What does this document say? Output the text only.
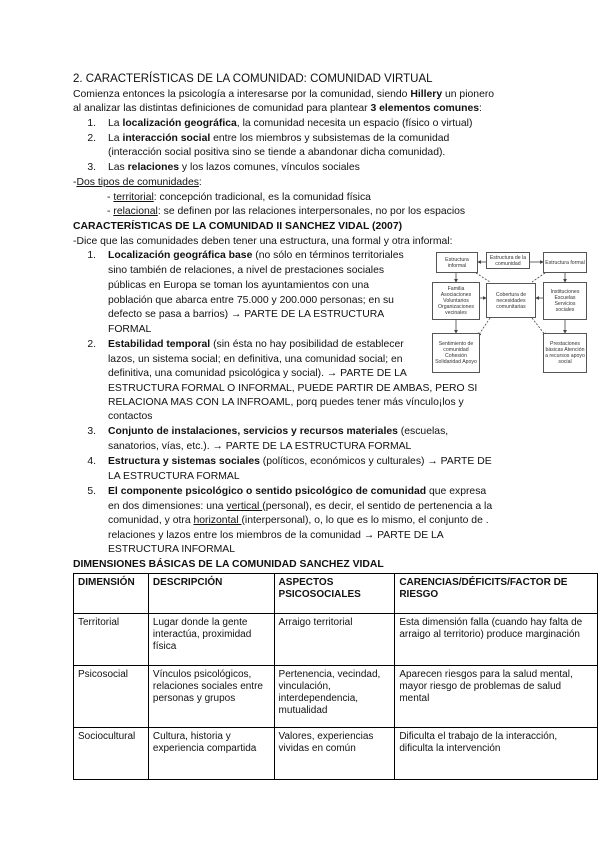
2. CARACTERÍSTICAS DE LA COMUNIDAD: COMUNIDAD VIRTUAL
Comienza entonces la psicología a interesarse por la comunidad, siendo Hillery un pionero
al analizar las distintas definiciones de comunidad para plantear 3 elementos comunes:
1. La localización geográfica, la comunidad necesita un espacio (físico o virtual)
2. La interacción social entre los miembros y subsistemas de la comunidad
(interacción social positiva sino se tiende a abandonar dicha comunidad).
3. Las relaciones y los lazos comunes, vínculos sociales
-Dos tipos de comunidades:
- territorial: concepción tradicional, es la comunidad física
- relacional: se definen por las relaciones interpersonales, no por los espacios
CARACTERÍSTICAS DE LA COMUNIDAD II SANCHEZ VIDAL (2007)
-Dice que las comunidades deben tener una estructura, una formal y otra informal:
1. Localización geográfica base (no sólo en términos territoriales
sino también de relaciones, a nivel de prestaciones sociales
públicas en Europa se toman los ayuntamientos con una
población que abarca entre 75.000 y 200.000 personas; en su
defecto se pasa a barrios) → PARTE DE LA ESTRUCTURA
FORMAL
2. Estabilidad temporal (sin ésta no hay posibilidad de establecer
lazos, un sistema social; en definitiva, una comunidad social; en
definitiva, una comunidad psicológica y social). → PARTE DE LA
ESTRUCTURA FORMAL O INFORMAL, PUEDE PARTIR DE AMBAS, PERO SI
RELACIONA MAS CON LA INFROAML, porq puedes tener más vínculo¡los y
contactos
3. Conjunto de instalaciones, servicios y recursos materiales (escuelas,
sanatorios, vías, etc.). → PARTE DE LA ESTRUCTURA FORMAL
4. Estructura y sistemas sociales (políticos, económicos y culturales) → PARTE DE
LA ESTRUCTURA FORMAL
5. El componente psicológico o sentido psicológico de comunidad que expresa
en dos dimensiones: una vertical (personal), es decir, el sentido de pertenencia a la
comunidad, y otra horizontal (interpersonal), o, lo que es lo mismo, el conjunto de .
relaciones y lazos entre los miembros de la comunidad → PARTE DE LA
ESTRUCTURA INFORMAL
Estructura informal
Estructura de la comunidad	Estructura formal
Familia Asociaciones Voluntarios Organizaciones vecinales
Cobertura de necesidades comunitarias
Instituciones Escuelas Servicios sociales
Sentimiento de comunidad Cohesión Solidaridad Apoyo
Prestaciones básicas Atención a recursos apoyo social
DIMENSIONES BÁSICAS DE LA COMUNIDAD SANCHEZ VIDAL
DIMENSIÓN	DESCRIPCIÓN	ASPECTOS PSICOSOCIALES	CARENCIAS/DÉFICITS/FACTOR DE RIESGO
Territorial	Lugar donde la gente interactúa, proximidad física	Arraigo territorial	Esta dimensión falla (cuando hay falta de arraigo al territorio) produce marginación
Psicosocial	Vínculos psicológicos, relaciones sociales entre personas y grupos	Pertenencia, vecindad, vinculación, interdependencia, mutualidad	Aparecen riesgos para la salud mental, mayor riesgo de problemas de salud mental
Sociocultural	Cultura, historia y experiencia compartida	Valores, experiencias vividas en común	Dificulta el trabajo de la interacción, dificulta la intervención
